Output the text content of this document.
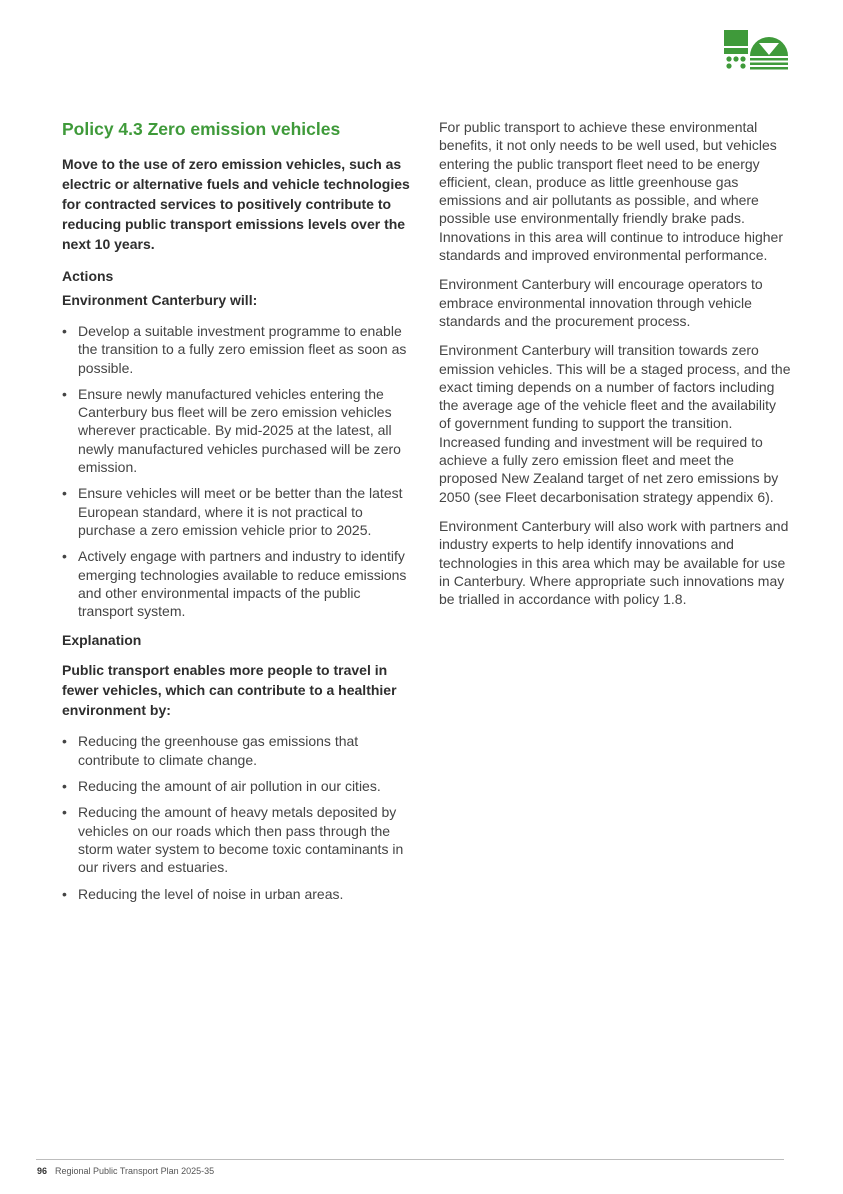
Policy 4.3 Zero emission vehicles

Move to the use of zero emission vehicles, such as electric or alternative fuels and vehicle technologies for contracted services to positively contribute to reducing public transport emissions levels over the next 10 years.

Actions

Environment Canterbury will:

• Develop a suitable investment programme to enable the transition to a fully zero emission fleet as soon as possible.
• Ensure newly manufactured vehicles entering the Canterbury bus fleet will be zero emission vehicles wherever practicable. By mid-2025 at the latest, all newly manufactured vehicles purchased will be zero emission.
• Ensure vehicles will meet or be better than the latest European standard, where it is not practical to purchase a zero emission vehicle prior to 2025.
• Actively engage with partners and industry to identify emerging technologies available to reduce emissions and other environmental impacts of the public transport system.
Explanation

Public transport enables more people to travel in fewer vehicles, which can contribute to a healthier environment by:

• Reducing the greenhouse gas emissions that contribute to climate change.
• Reducing the amount of air pollution in our cities.
• Reducing the amount of heavy metals deposited by vehicles on our roads which then pass through the storm water system to become toxic contaminants in our rivers and estuaries.
• Reducing the level of noise in urban areas.

For public transport to achieve these environmental benefits, it not only needs to be well used, but vehicles entering the public transport fleet need to be energy efficient, clean, produce as little greenhouse gas emissions and air pollutants as possible, and where possible use environmentally friendly brake pads. Innovations in this area will continue to introduce higher standards and improved environmental performance.

Environment Canterbury will encourage operators to embrace environmental innovation through vehicle standards and the procurement process.

Environment Canterbury will transition towards zero emission vehicles. This will be a staged process, and the exact timing depends on a number of factors including the average age of the vehicle fleet and the availability of government funding to support the transition. Increased funding and investment will be required to achieve a fully zero emission fleet and meet the proposed New Zealand target of net zero emissions by 2050 (see Fleet decarbonisation strategy appendix 6).

Environment Canterbury will also work with partners and industry experts to help identify innovations and technologies in this area which may be available for use in Canterbury. Where appropriate such innovations may be trialled in accordance with policy 1.8.

96 Regional Public Transport Plan 2025-35
